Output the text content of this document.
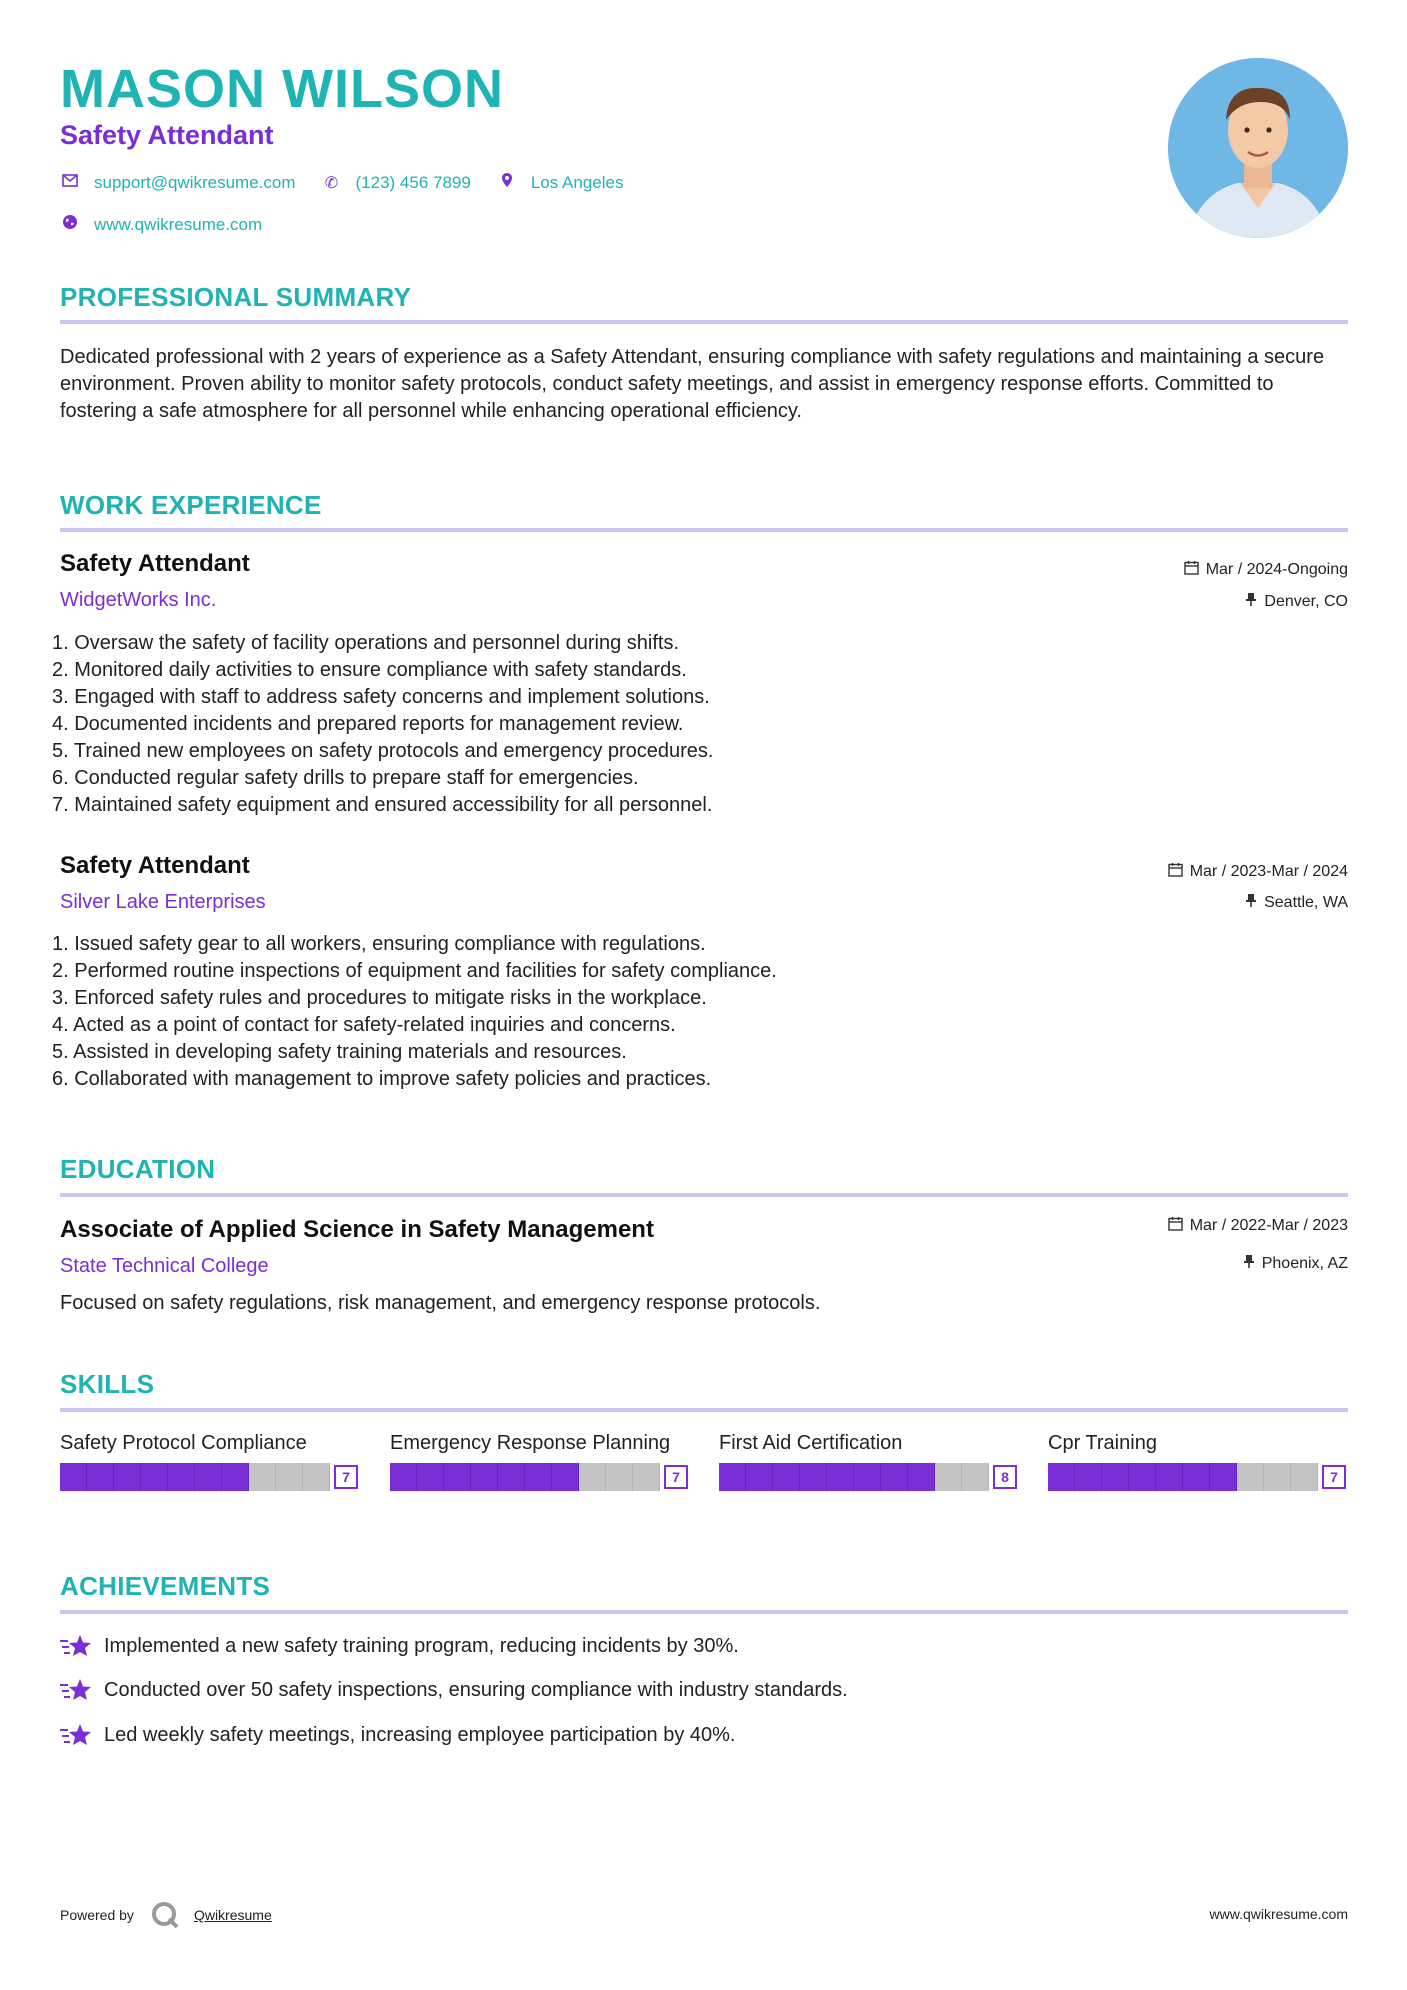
MASON WILSON
Safety Attendant
support@qwikresume.com ✆ (123) 456 7899	Los Angeles
www.qwikresume.com
PROFESSIONAL SUMMARY

Dedicated professional with 2 years of experience as a Safety Attendant, ensuring compliance with safety regulations and maintaining a secure environment. Proven ability to monitor safety protocols, conduct safety meetings, and assist in emergency response efforts. Committed to fostering a safe atmosphere for all personnel while enhancing operational efficiency.

WORK EXPERIENCE
Safety Attendant
WidgetWorks Inc.
Mar / 2024-Ongoing
Denver, CO
1. Oversaw the safety of facility operations and personnel during shifts.
2. Monitored daily activities to ensure compliance with safety standards.
3. Engaged with staff to address safety concerns and implement solutions.
4. Documented incidents and prepared reports for management review.
5. Trained new employees on safety protocols and emergency procedures.
6. Conducted regular safety drills to prepare staff for emergencies.
7. Maintained safety equipment and ensured accessibility for all personnel.
Safety Attendant
Silver Lake Enterprises
Mar / 2023-Mar / 2024
Seattle, WA
1. Issued safety gear to all workers, ensuring compliance with regulations.
2. Performed routine inspections of equipment and facilities for safety compliance.
3. Enforced safety rules and procedures to mitigate risks in the workplace.
4. Acted as a point of contact for safety-related inquiries and concerns.
5. Assisted in developing safety training materials and resources.
6. Collaborated with management to improve safety policies and practices.
EDUCATION
Associate of Applied Science in Safety Management
State Technical College
Mar / 2022-Mar / 2023
Phoenix, AZ

Focused on safety regulations, risk management, and emergency response protocols.

SKILLS

Safety Protocol Compliance

7

Emergency Response Planning

7

First Aid Certification

8

Cpr Training

7
ACHIEVEMENTS
Implemented a new safety training program, reducing incidents by 30%.
Conducted over 50 safety inspections, ensuring compliance with industry standards.
Led weekly safety meetings, increasing employee participation by 40%.
Powered by	Qwikresume	www.qwikresume.com
